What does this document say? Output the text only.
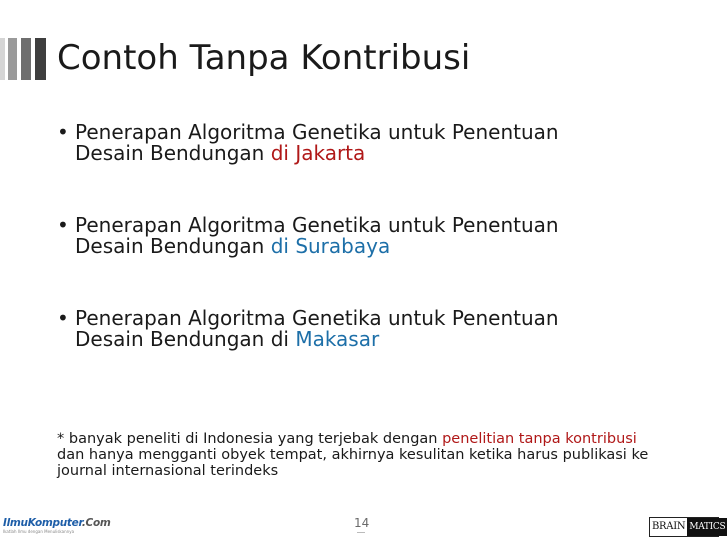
Contoh Tanpa Kontribusi
• Penerapan Algoritma Genetika untuk Penentuan
Desain Bendungan di Jakarta
• Penerapan Algoritma Genetika untuk Penentuan
Desain Bendungan di Surabaya
• Penerapan Algoritma Genetika untuk Penentuan
Desain Bendungan di Makasar
* banyak peneliti di Indonesia yang terjebak dengan penelitian tanpa kontribusi dan hanya mengganti obyek tempat, akhirnya kesulitan ketika harus publikasi ke journal internasional terindeks
IlmuKomputer.Com
Ikatlah Ilmu dengan Menuliskannya
14	BRAIN MATICS
